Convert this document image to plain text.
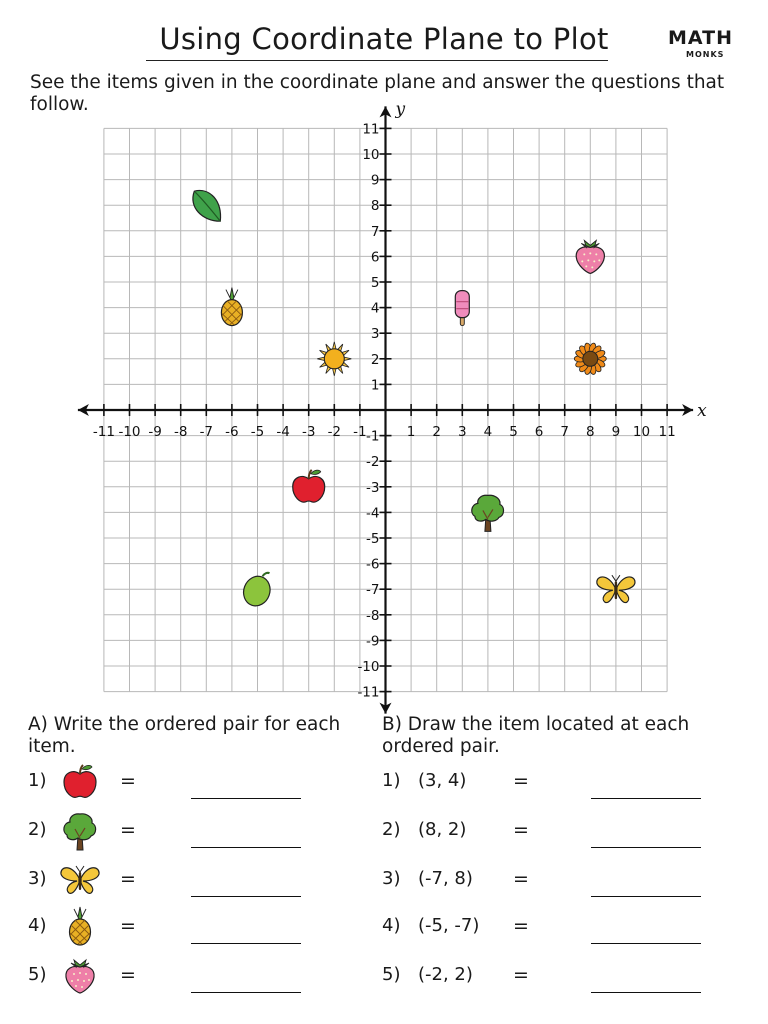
Using Coordinate Plane to Plot	MATH
MONKS
See the items given in the coordinate plane and answer the questions that follow.
x
y
-11 -10 -9 -8 -7 -6 -5 -4 -3 -2 -1	1 2 3 4 5 6 7 8 9 10 11
11
10
9
8
7
6
5
4
3
2
1
-1
-2
-3
-4
-5
-6
-7
-8
-9
-10
-11
A) Write the ordered pair for each item.
B) Draw the item located at each ordered pair.
1)	=
2)	=
3)	=
4)	=
5)	=
1) (3, 4) =
2) (8, 2) =
3) (-7, 8) =
4) (-5, -7) =
5) (-2, 2) =
